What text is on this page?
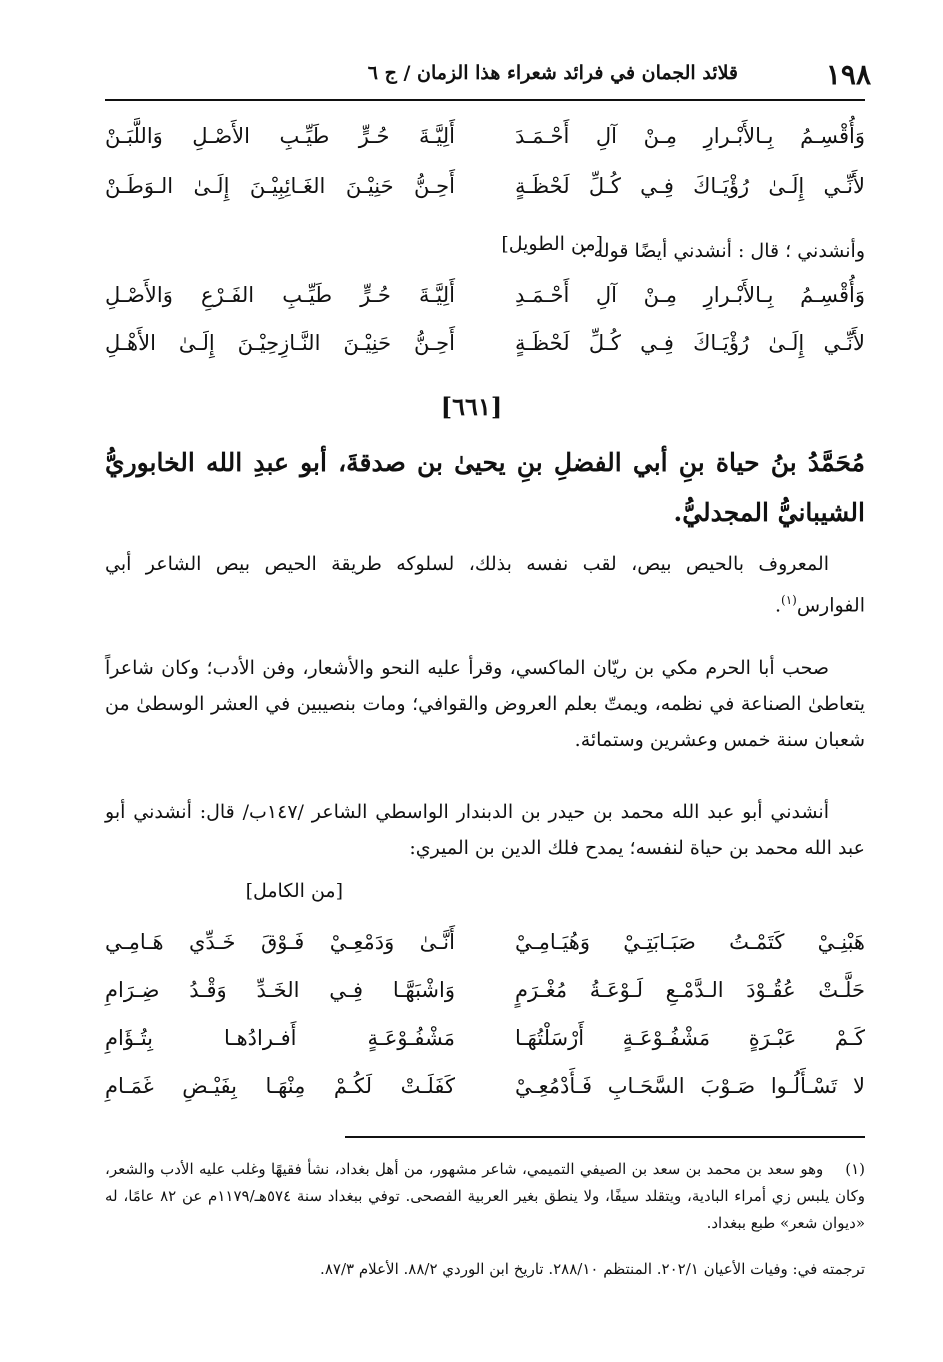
١٩٨
قلائد الجمان في فرائد شعراء هذا الزمان / ج ٦
وَأُقْسِـمُ بِـالأَبْـرارِ مِـنْ آلِ أَحْـمَـدَ
أَلِيَّـةَ حُـرٍّ طَيِّـبِ الأَصْـلِ وَاللَّبَـنْ
لأَنِّـي إِلَـىٰ رُؤْيَـاكَ فِـي كُـلِّ لَحْظَـةٍ
أَحِـنُّ حَنِيْـنَ الغَـائِبِيْـنَ إِلَـىٰ الـوَطَـنْ
وأنشدني ؛ قال : أنشدني أيضًا قوله :
[من الطويل]
وَأُقْسِـمُ بِـالأَبْـرارِ مِـنْ آلِ أَحْـمَـدِ
أَلِيَّـةَ حُـرٍّ طَيِّـبِ الفَـرْعِ وَالأَصْـلِ
لأَنِّـي إِلَـىٰ رُؤْيَـاكَ فِـي كُـلِّ لَحْظَـةٍ
أَحِـنُّ حَنِيْـنَ النَّـازِحِيْـنَ إِلَـىٰ الأَهْـلِ
[٦٦١]
مُحَمَّدُ بنُ حياة بنِ أبي الفضلِ بنِ يحيىٰ بن صدقةَ، أبو عبدِ الله الخابوريُّ الشيبانيُّ المجدليُّ.
المعروف بالحيص بيص، لقب نفسه بذلك، لسلوكه طريقة الحيص بيص الشاعر أبي الفوارس$^{(١)}$.
صحب أبا الحرم مكي بن ريّان الماكسي، وقرأ عليه النحو والأشعار، وفن الأدب؛ وكان شاعراً يتعاطىٰ الصناعة في نظمه، ويمتّ بعلم العروض والقوافي؛ ومات بنصيبين في العشر الوسطىٰ من شعبان سنة خمس وعشرين وستمائة.
أنشدني أبو عبد الله محمد بن حيدر بن الدبندار الواسطي الشاعر /١٤٧ب/ قال: أنشدني أبو عبد الله محمد بن حياة لنفسه؛ يمدح فلك الدين بن الميري:
[من الكامل]
هَبْنِـيْ كَتَمْـتُ صَبَـابَتِـيْ وَهُيَـامِـيْ
أَنَّـىٰ وَدَمْعِـيْ فَـوْقَ خَـدِّي هَـامِـي
حَلَّـتْ عُقُـوْدَ الـدَّمْـعِ لَـوْعَـةُ مُغْـرَمٍ
وَاشْبَهَّـا فِـي الخَـدِّ وَقْـدُ ضِـرَامِ
كَـمْ عَبْـرَةٍ مَشْفُـوْعَـةٍ أَرْسَلْتُهَـا
مَشْفُـوْعَـةٍ أَفـرادُهـا بِتُـؤَامِ
لا تَسْـأَلُـوا صَـوْبَ السَّحَـابِ فَـأَدْمُعِـيْ
كَفَلَـتْ لَكُـمْ مِنْهَـا بِفَيْـضِ غَمَـامِ
(١)وهو سعد بن محمد بن سعد بن الصيفي التميمي، شاعر مشهور، من أهل بغداد، نشأ فقيهًا وغلب عليه الأدب والشعر، وكان يلبس زي أمراء البادية، ويتقلد سيفًا، ولا ينطق بغير العربية الفصحى. توفي ببغداد سنة ٥٧٤هـ/١١٧٩م عن ٨٢ عامًا، له «ديوان شعر» طبع ببغداد.
ترجمته في: وفيات الأعيان ٢٠٢/١. المنتظم ٢٨٨/١٠. تاريخ ابن الوردي ٨٨/٢. الأعلام ٨٧/٣.
